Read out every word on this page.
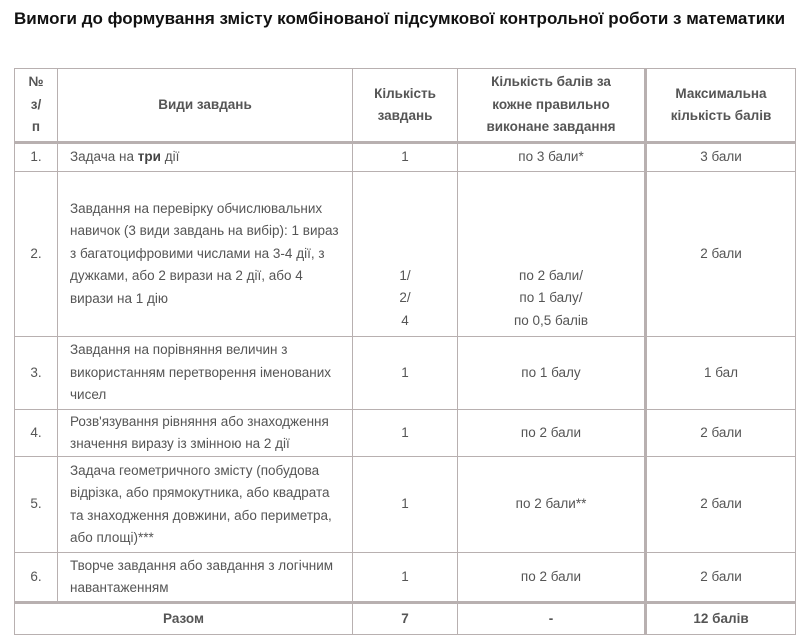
Вимоги до формування змісту комбінованої підсумкової контрольної роботи з математики
№
з/
п	Види завдань	Кількість завдань	Кількість балів за кожне правильно виконане завдання	Максимальна кількість балів
1.	Задача на три дії	1	по 3 бали*	3 бали
2.	Завдання на перевірку обчислювальних навичок (3 види завдань на вибір): 1 вираз з багатоцифровими числами на 3-4 дії, з дужками, або 2 вирази на 2 дії, або 4 вирази на 1 дію	1/
2/
4	по 2 бали/
по 1 балу/
по 0,5 балів	2 бали
3.	Завдання на порівняння величин з використанням перетворення іменованих чисел	1	по 1 балу	1 бал
4.	Розв'язування рівняння або знаходження значення виразу із змінною на 2 дії	1	по 2 бали	2 бали
5.	Задача геометричного змісту (побудова відрізка, або прямокутника, або квадрата та знаходження довжини, або периметра, або площі)***	1	по 2 бали**	2 бали
6.	Творче завдання або завдання з логічним навантаженням	1	по 2 бали	2 бали
Разом		7	-	12 балів
